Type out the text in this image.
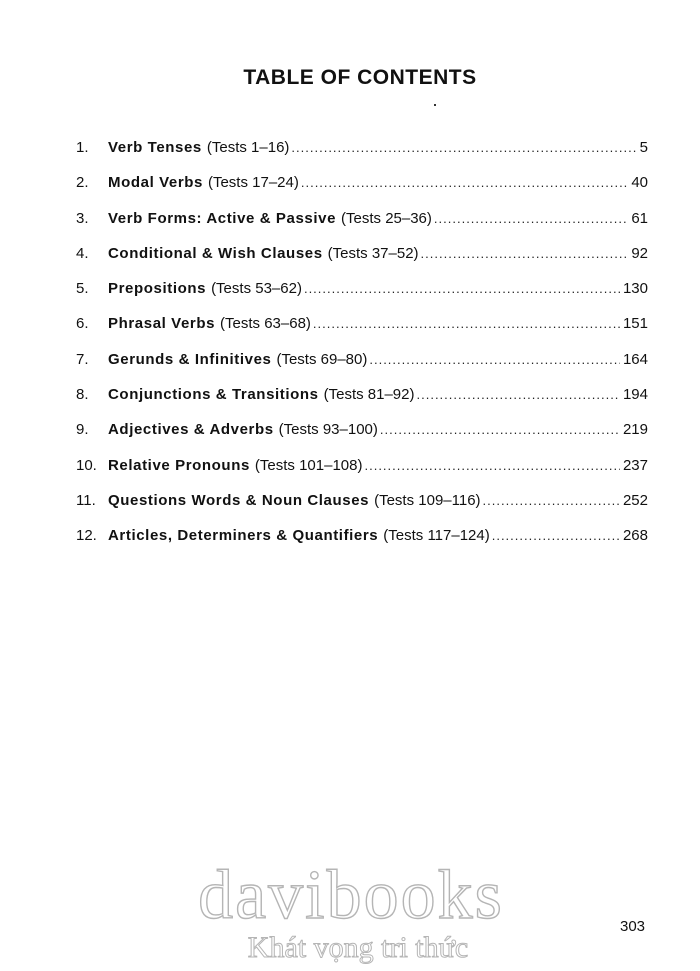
TABLE OF CONTENTS
1.	Verb Tenses (Tests 1–16) .....	5
2.	Modal Verbs (Tests 17–24) .....	40
3.	Verb Forms: Active & Passive (Tests 25–36) .....	61
4.	Conditional & Wish Clauses (Tests 37–52) .....	92
5.	Prepositions (Tests 53–62) .....	130
6.	Phrasal Verbs (Tests 63–68) .....	151
7.	Gerunds & Infinitives (Tests 69–80) .....	164
8.	Conjunctions & Transitions (Tests 81–92) .....	194
9.	Adjectives & Adverbs (Tests 93–100) .....	219
10. Relative Pronouns (Tests 101–108) .....	237
11. Questions Words & Noun Clauses (Tests 109–116) .....	252
12. Articles, Determiners & Quantifiers (Tests 117–124) .....	268
303
davibooks
Khát vọng tri thức
